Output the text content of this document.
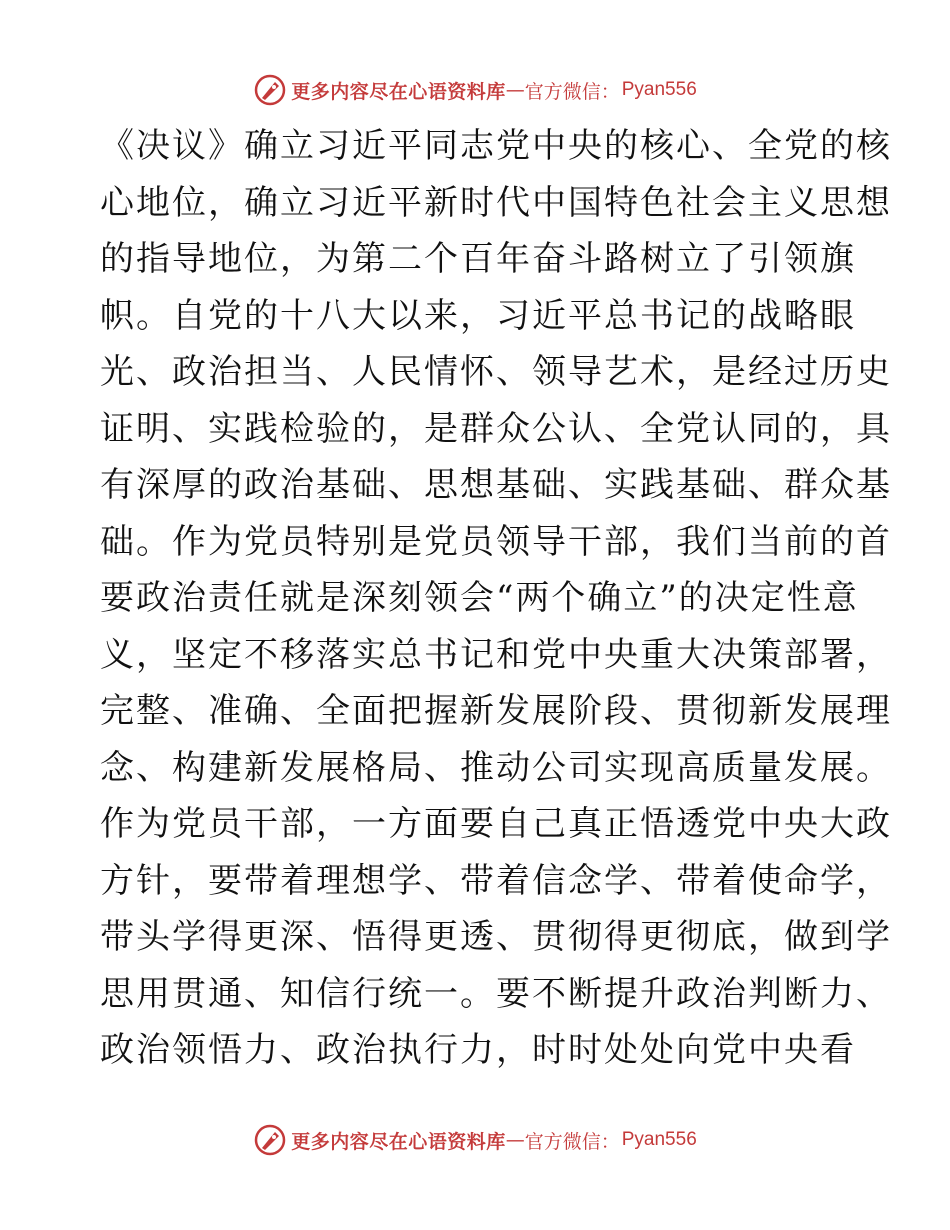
更多内容尽在心语资料库 — 官方微信： Pyan556
《决议》确立习近平同志党中央的核心、全党的核
心地位，确立习近平新时代中国特色社会主义思想
的指导地位，为第二个百年奋斗路树立了引领旗
帜。自党的十八大以来，习近平总书记的战略眼
光、政治担当、人民情怀、领导艺术，是经过历史
证明、实践检验的，是群众公认、全党认同的，具
有深厚的政治基础、思想基础、实践基础、群众基
础。作为党员特别是党员领导干部，我们当前的首
要政治责任就是深刻领会“两个确立”的决定性意
义，坚定不移落实总书记和党中央重大决策部署，
完整、准确、全面把握新发展阶段、贯彻新发展理
念、构建新发展格局、推动公司实现高质量发展。
作为党员干部，一方面要自己真正悟透党中央大政
方针，要带着理想学、带着信念学、带着使命学，
带头学得更深、悟得更透、贯彻得更彻底，做到学
思用贯通、知信行统一。要不断提升政治判断力、
政治领悟力、政治执行力，时时处处向党中央看
更多内容尽在心语资料库 — 官方微信： Pyan556
